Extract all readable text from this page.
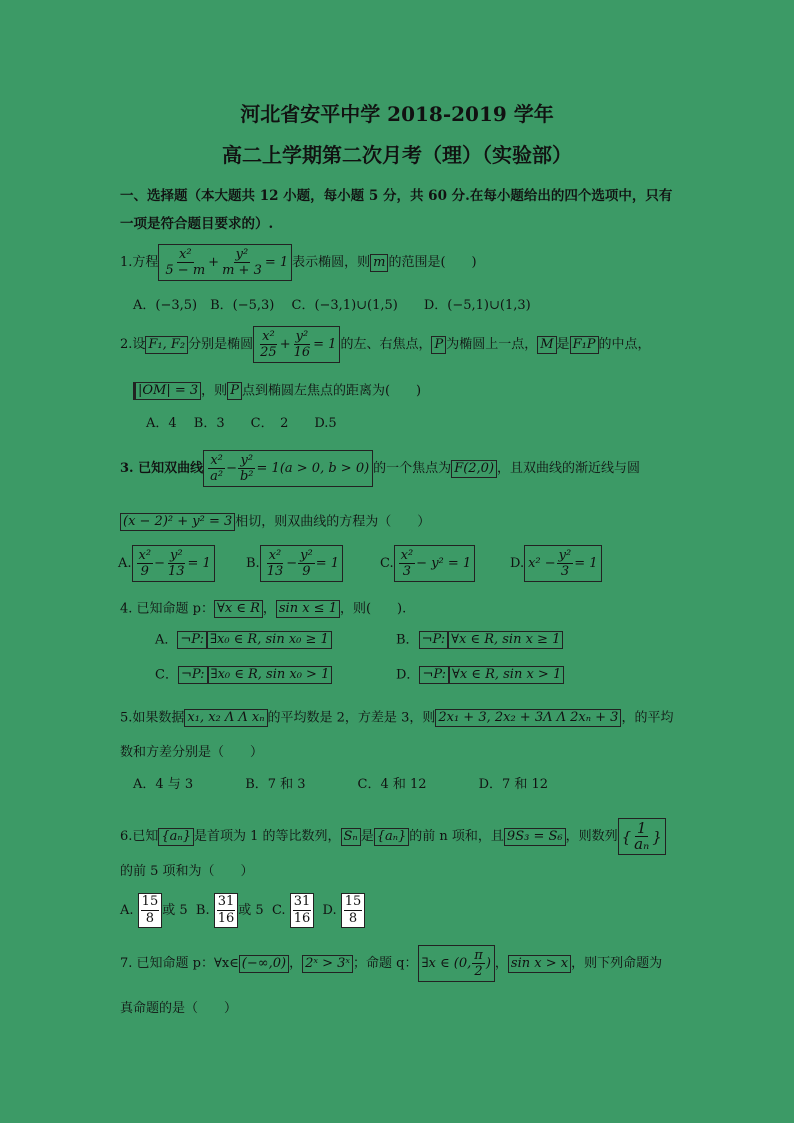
河北省安平中学 2018-2019 学年
高二上学期第二次月考（理）（实验部）
一、选择题（本大题共 12 小题，每小题 5 分，共 60 分.在每小题给出的四个选项中，只有
一项是符合题目要求的）.
1.方程 $\frac{\text{x²}}{5 - m} + \frac{\text{y²}}{m + 3} = 1$ 表示椭圆，则 m 的范围是(　　)
A．(−3,5)　B．(−5,3)　 C．(−3,1)∪(1,5)　　D．(−5,1)∪(1,3)
2.设 F₁, F₂ 分别是椭圆 $\frac{\text{x²}}{25} + \frac{\text{y²}}{16} = 1$ 的左、右焦点， P 为椭圆上一点， M 是 F₁P 的中点，
|OM| = 3 ，则 P 点到椭圆左焦点的距离为(　　)
A．4　 B．3　　C．　2　　D.5
3. 已知双曲线 $\frac{\text{x²}}{\text{a²}} - \frac{\text{y²}}{\text{b²}} = 1(a > 0$, b > 0) 的一个焦点为 F(2,0) ，且双曲线的渐近线与圆
(x − 2)² + y² = 3 相切，则双曲线的方程为（　　）
A. $\frac{\text{x²}}{9} - \frac{\text{y²}}{13} = 1$	B. $\frac{\text{x²}}{13} - \frac{\text{y²}}{9} = 1$	C. $\frac{\text{x²}}{3} - y^2 = 1$	D. $x^2 - \frac{\text{y²}}{3} = 1$
4. 已知命题 p： ∀x ∈ R ， sin x ≤ 1 ，则(　　).
A． ¬P: ∃x₀ ∈ R, sin x₀ ≥ 1	B． ¬P: ∀x ∈ R, sin x ≥ 1
C． ¬P: ∃x₀ ∈ R, sin x₀ > 1	D． ¬P: ∀x ∈ R, sin x > 1
5.如果数据 x₁, x₂ Λ Λ xₙ 的平均数是 2，方差是 3，则 2x₁ + 3, 2x₂ + 3Λ Λ 2xₙ + 3 ，的平均
数和方差分别是（　　）
A．4 与 3　　　　B．7 和 3　　　　C．4 和 12　　　　D．7 和 12
6.已知 {aₙ} 是首项为 1 的等比数列， Sₙ 是 {aₙ} 的前 n 项和，且 9S₃ = S₆ ，则数列 { $\frac{1}{\text{aₙ}}$ }
的前 5 项和为（　　）
A. $\frac{15}{8}$ 或 5 B. $\frac{31}{16}$ 或 5 C. $\frac{31}{16} D$. $\frac{15}{8}$
7. 已知命题 p：∀x∈ (−∞,0) ， 2ˣ > 3ˣ ；命题 q： ∃x ∈
(0, $\frac{\pi}{2}$ ) ， sin x > x ，则下列命题为
真命题的是（　　）
